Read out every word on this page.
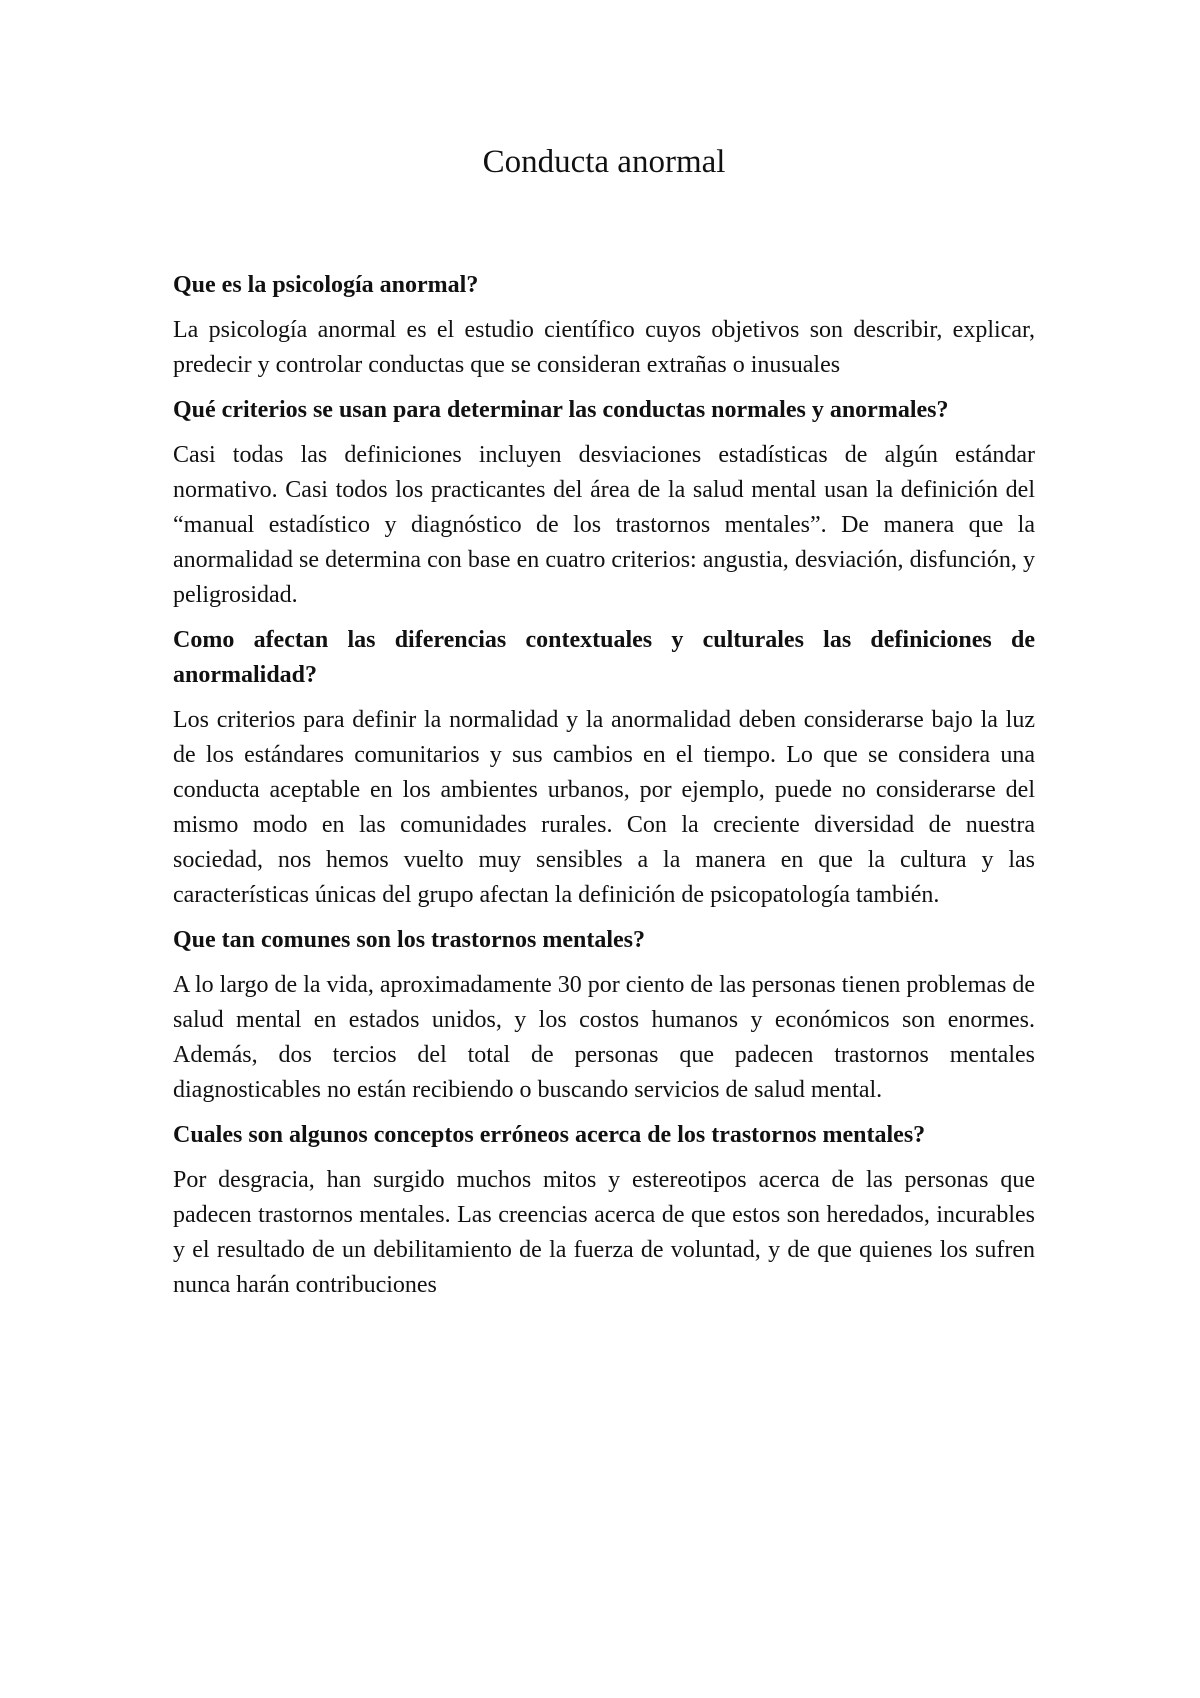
Conducta anormal

Que es la psicología anormal?

La psicología anormal es el estudio científico cuyos objetivos son describir, explicar, predecir y controlar conductas que se consideran extrañas o inusuales

Qué criterios se usan para determinar las conductas normales y anormales?

Casi todas las definiciones incluyen desviaciones estadísticas de algún estándar normativo. Casi todos los practicantes del área de la salud mental usan la definición del “manual estadístico y diagnóstico de los trastornos mentales”. De manera que la anormalidad se determina con base en cuatro criterios: angustia, desviación, disfunción, y peligrosidad.

Como afectan las diferencias contextuales y culturales las definiciones de anormalidad?

Los criterios para definir la normalidad y la anormalidad deben considerarse bajo la luz de los estándares comunitarios y sus cambios en el tiempo. Lo que se considera una conducta aceptable en los ambientes urbanos, por ejemplo, puede no considerarse del mismo modo en las comunidades rurales. Con la creciente diversidad de nuestra sociedad, nos hemos vuelto muy sensibles a la manera en que la cultura y las características únicas del grupo afectan la definición de psicopatología también.

Que tan comunes son los trastornos mentales?

A lo largo de la vida, aproximadamente 30 por ciento de las personas tienen problemas de salud mental en estados unidos, y los costos humanos y económicos son enormes. Además, dos tercios del total de personas que padecen trastornos mentales diagnosticables no están recibiendo o buscando servicios de salud mental.

Cuales son algunos conceptos erróneos acerca de los trastornos mentales?

Por desgracia, han surgido muchos mitos y estereotipos acerca de las personas que padecen trastornos mentales. Las creencias acerca de que estos son heredados, incurables y el resultado de un debilitamiento de la fuerza de voluntad, y de que quienes los sufren nunca harán contribuciones
